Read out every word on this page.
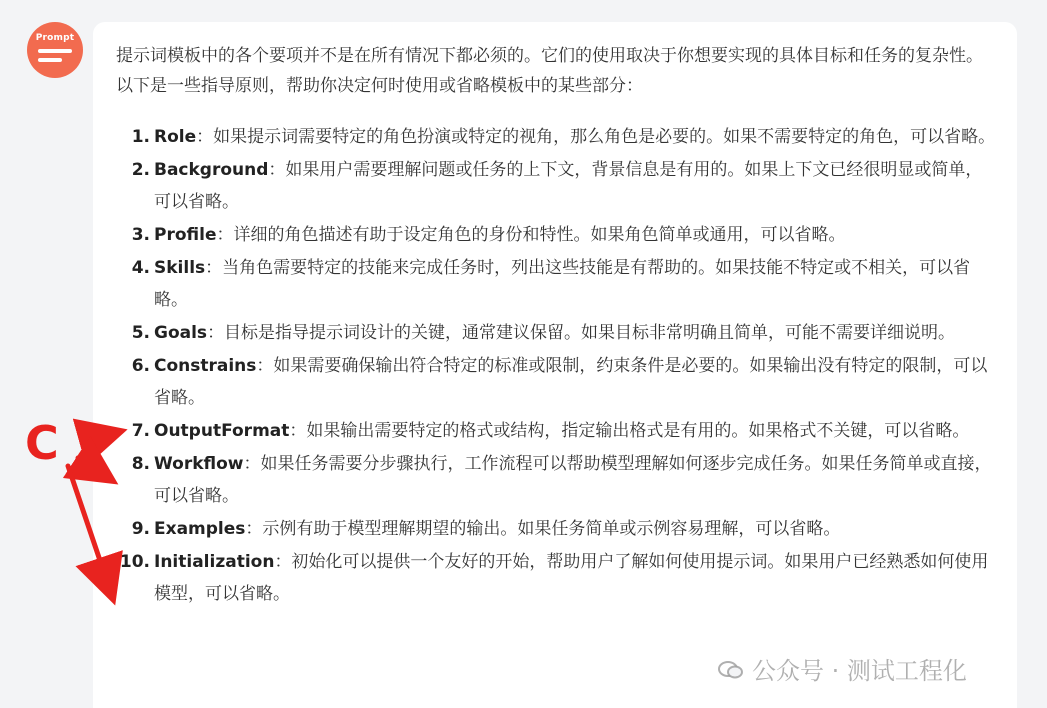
Prompt
提示词模板中的各个要项并不是在所有情况下都必须的。它们的使用取决于你想要实现的具体目标和任务的复杂性。以下是一些指导原则，帮助你决定何时使用或省略模板中的某些部分：
1. Role：如果提示词需要特定的角色扮演或特定的视角，那么角色是必要的。如果不需要特定的角色，可以省略。
2. Background：如果用户需要理解问题或任务的上下文，背景信息是有用的。如果上下文已经很明显或简单，可以省略。
3. Profile：详细的角色描述有助于设定角色的身份和特性。如果角色简单或通用，可以省略。
4. Skills：当角色需要特定的技能来完成任务时，列出这些技能是有帮助的。如果技能不特定或不相关，可以省略。
5. Goals：目标是指导提示词设计的关键，通常建议保留。如果目标非常明确且简单，可能不需要详细说明。
6. Constrains：如果需要确保输出符合特定的标准或限制，约束条件是必要的。如果输出没有特定的限制，可以省略。
7. OutputFormat：如果输出需要特定的格式或结构，指定输出格式是有用的。如果格式不关键，可以省略。
8. Workflow：如果任务需要分步骤执行，工作流程可以帮助模型理解如何逐步完成任务。如果任务简单或直接，可以省略。
9. Examples：示例有助于模型理解期望的输出。如果任务简单或示例容易理解，可以省略。
10. Initialization：初始化可以提供一个友好的开始，帮助用户了解如何使用提示词。如果用户已经熟悉如何使用模型，可以省略。
C
公众号 · 测试工程化
